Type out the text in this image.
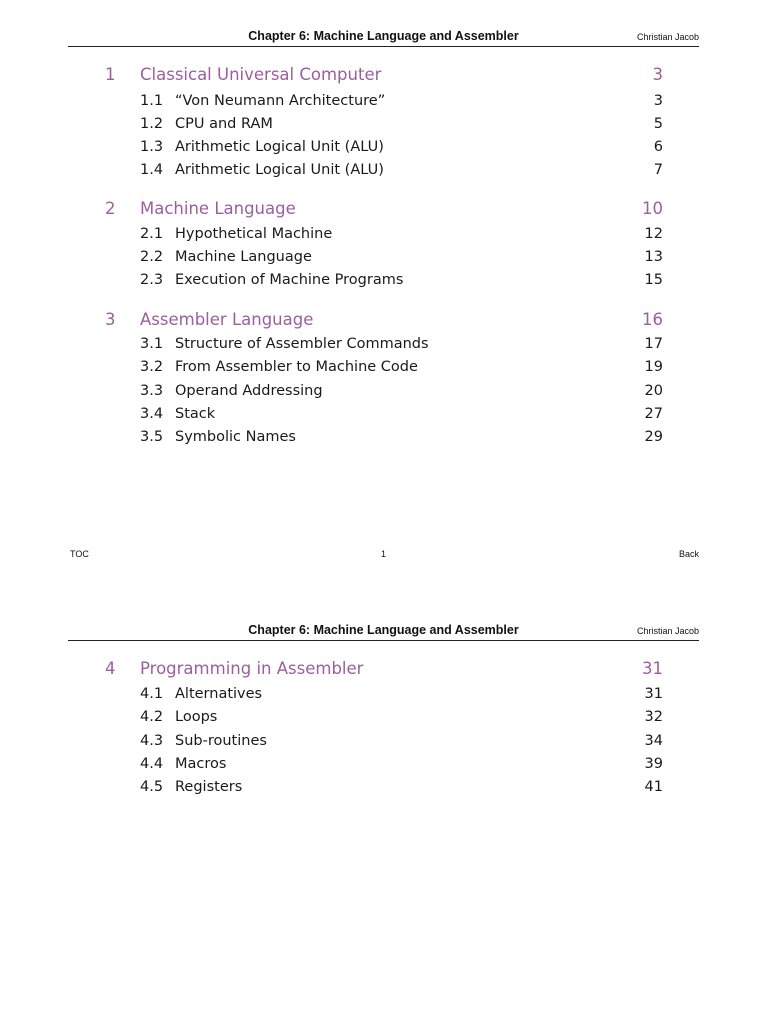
Chapter 6: Machine Language and Assembler	Christian Jacob
1 Classical Universal Computer	3
1.1 “Von Neumann Architecture”	3
1.2 CPU and RAM	5
1.3 Arithmetic Logical Unit (ALU)	6
1.4 Arithmetic Logical Unit (ALU)	7
2 Machine Language	10
2.1 Hypothetical Machine	12
2.2 Machine Language	13
2.3 Execution of Machine Programs	15
3 Assembler Language	16
3.1 Structure of Assembler Commands	17
3.2 From Assembler to Machine Code	19
3.3 Operand Addressing	20
3.4 Stack	27
3.5 Symbolic Names	29
TOC	1	Back
Chapter 6: Machine Language and Assembler	Christian Jacob
4 Programming in Assembler	31
4.1 Alternatives	31
4.2 Loops	32
4.3 Sub-routines	34
4.4 Macros	39
4.5 Registers	41
